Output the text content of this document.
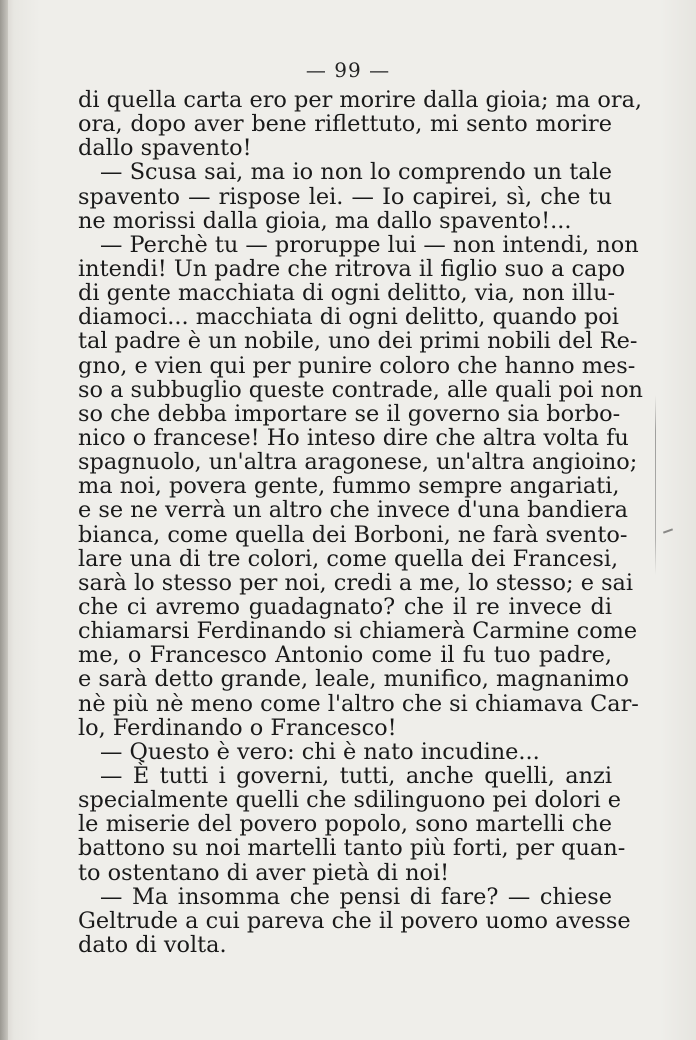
— 99 —
di quella carta ero per morire dalla gioia; ma ora,
ora, dopo aver bene riflettuto, mi sento morire
dallo spavento!
— Scusa sai, ma io non lo comprendo un tale
spavento — rispose lei. — Io capirei, sì, che tu
ne morissi dalla gioia, ma dallo spavento!...
— Perchè tu — proruppe lui — non intendi, non
intendi! Un padre che ritrova il figlio suo a capo
di gente macchiata di ogni delitto, via, non illu-
diamoci... macchiata di ogni delitto, quando poi
tal padre è un nobile, uno dei primi nobili del Re-
gno, e vien qui per punire coloro che hanno mes-
so a subbuglio queste contrade, alle quali poi non
so che debba importare se il governo sia borbo-
nico o francese! Ho inteso dire che altra volta fu
spagnuolo, un'altra aragonese, un'altra angioino;
ma noi, povera gente, fummo sempre angariati,
e se ne verrà un altro che invece d'una bandiera
bianca, come quella dei Borboni, ne farà svento-
lare una di tre colori, come quella dei Francesi,
sarà lo stesso per noi, credi a me, lo stesso; e sai
che ci avremo guadagnato? che il re invece di
chiamarsi Ferdinando si chiamerà Carmine come
me, o Francesco Antonio come il fu tuo padre,
e sarà detto grande, leale, munifico, magnanimo
nè più nè meno come l'altro che si chiamava Car-
lo, Ferdinando o Francesco!
— Questo è vero: chi è nato incudine...
— È tutti i governi, tutti, anche quelli, anzi
specialmente quelli che sdilinguono pei dolori e
le miserie del povero popolo, sono martelli che
battono su noi martelli tanto più forti, per quan-
to ostentano di aver pietà di noi!
— Ma insomma che pensi di fare? — chiese
Geltrude a cui pareva che il povero uomo avesse
dato di volta.
